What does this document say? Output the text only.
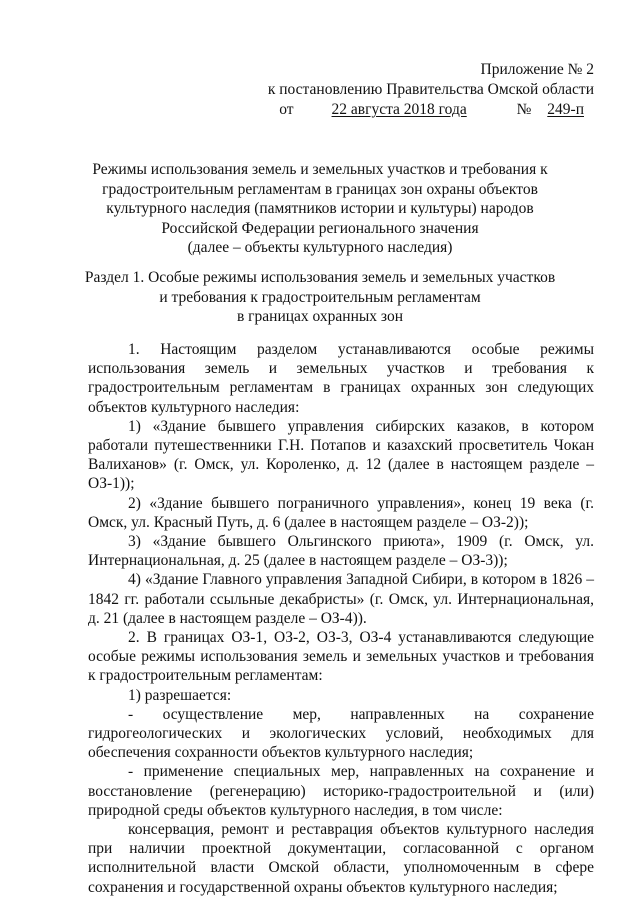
Приложение № 2
к постановлению Правительства Омской области
от 22 августа 2018 года	№ 249-п
Режимы использования земель и земельных участков и требования к
градостроительным регламентам в границах зон охраны объектов
культурного наследия (памятников истории и культуры) народов
Российской Федерации регионального значения
(далее – объекты культурного наследия)
Раздел 1. Особые режимы использования земель и земельных участков
и требования к градостроительным регламентам
в границах охранных зон

1. Настоящим разделом устанавливаются особые режимы использования земель и земельных участков и требования к градостроительным регламентам в границах охранных зон следующих объектов культурного наследия:

1) «Здание бывшего управления сибирских казаков, в котором работали путешественники Г.Н. Потапов и казахский просветитель Чокан Валиханов» (г. Омск, ул. Короленко, д. 12 (далее в настоящем разделе – ОЗ-1));

2) «Здание бывшего пограничного управления», конец 19 века (г. Омск, ул. Красный Путь, д. 6 (далее в настоящем разделе – ОЗ-2));

3) «Здание бывшего Ольгинского приюта», 1909 (г. Омск, ул. Интернациональная, д. 25 (далее в настоящем разделе – ОЗ-3));

4) «Здание Главного управления Западной Сибири, в котором в 1826 – 1842 гг. работали ссыльные декабристы» (г. Омск, ул. Интернациональная, д. 21 (далее в настоящем разделе – ОЗ-4)).

2. В границах ОЗ-1, ОЗ-2, ОЗ-3, ОЗ-4 устанавливаются следующие особые режимы использования земель и земельных участков и требования к градостроительным регламентам:

1) разрешается:

- осуществление мер, направленных на сохранение гидрогеологических и экологических условий, необходимых для обеспечения сохранности объектов культурного наследия;

- применение специальных мер, направленных на сохранение и восстановление (регенерацию) историко-градостроительной и (или) природной среды объектов культурного наследия, в том числе:

консервация, ремонт и реставрация объектов культурного наследия при наличии проектной документации, согласованной с органом исполнительной власти Омской области, уполномоченным в сфере сохранения и государственной охраны объектов культурного наследия;
